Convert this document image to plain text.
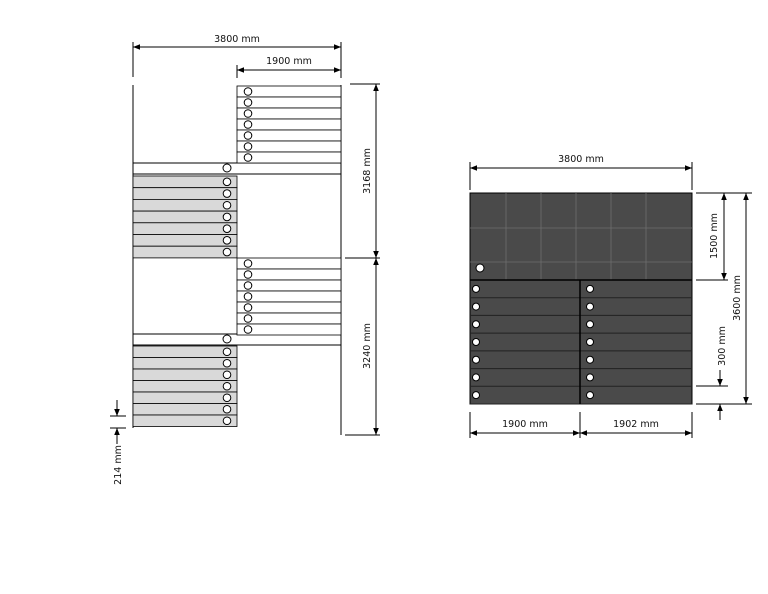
3800 mm
1900 mm
3168 mm
3240 mm
214 mm
3800 mm
1900 mm	1902 mm
1500 mm
3600 mm
300 mm
